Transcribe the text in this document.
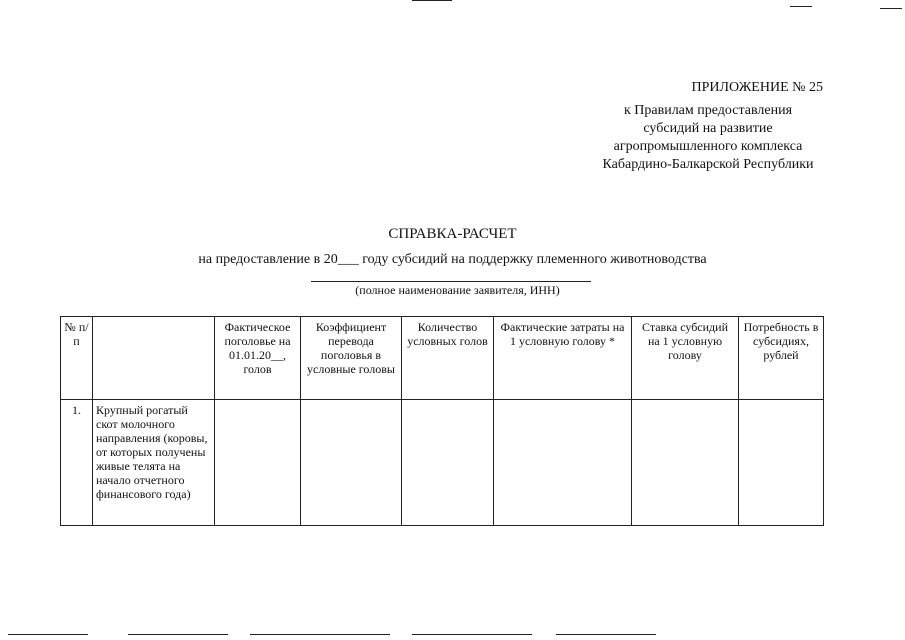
ПРИЛОЖЕНИЕ № 25
к Правилам предоставления
субсидий на развитие
агропромышленного комплекса
Кабардино-Балкарской Республики
СПРАВКА-РАСЧЕТ
на предоставление в 20___ году субсидий на поддержку племенного животноводства
(полное наименование заявителя, ИНН)
№ п/п		Фактическое поголовье на 01.01.20__, голов	Коэффициент перевода поголовья в условные головы	Количество условных голов	Фактические затраты на 1 условную голову *	Ставка субсидий на 1 условную голову	Потребность в субсидиях, рублей
1.	Крупный рогатый скот молочного направления (коровы, от которых получены живые телята на начало отчетного финансового года)						
